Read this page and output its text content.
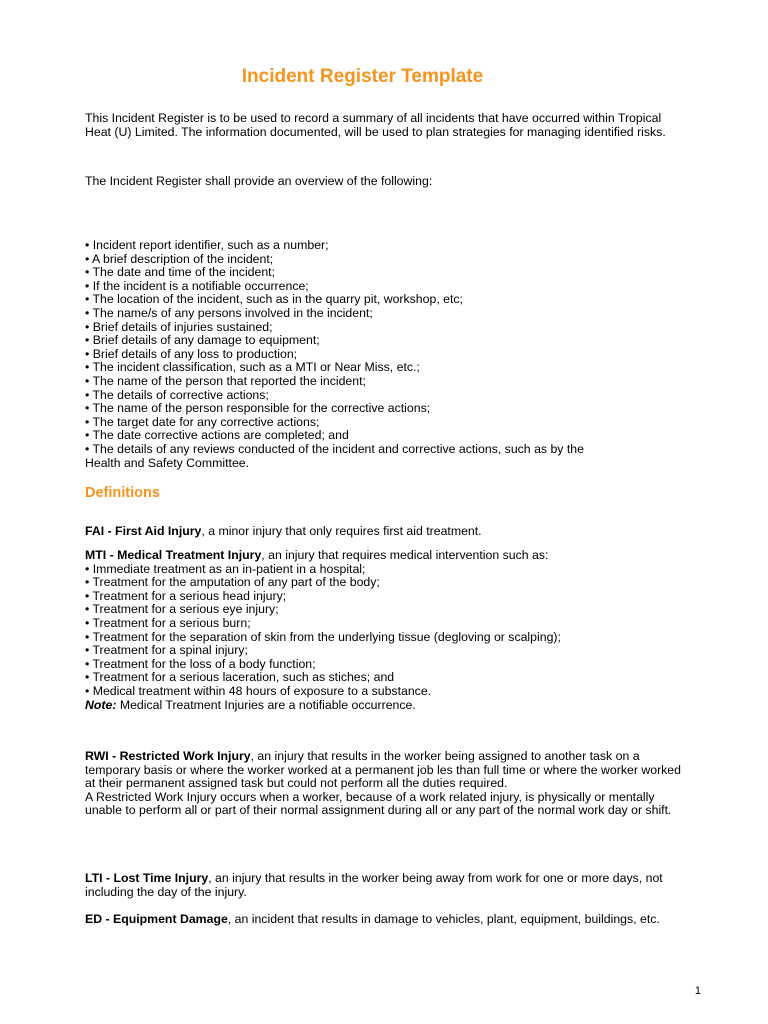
Incident Register Template

This Incident Register is to be used to record a summary of all incidents that have occurred within Tropical Heat (U) Limited. The information documented, will be used to plan strategies for managing identified risks.

The Incident Register shall provide an overview of the following:

• Incident report identifier, such as a number;
• A brief description of the incident;
• The date and time of the incident;
• If the incident is a notifiable occurrence;
• The location of the incident, such as in the quarry pit, workshop, etc;
• The name/s of any persons involved in the incident;
• Brief details of injuries sustained;
• Brief details of any damage to equipment;
• Brief details of any loss to production;
• The incident classification, such as a MTI or Near Miss, etc.;
• The name of the person that reported the incident;
• The details of corrective actions;
• The name of the person responsible for the corrective actions;
• The target date for any corrective actions;
• The date corrective actions are completed; and
• The details of any reviews conducted of the incident and corrective actions, such as by the
Health and Safety Committee.
Definitions

FAI - First Aid Injury, a minor injury that only requires first aid treatment.

MTI - Medical Treatment Injury, an injury that requires medical intervention such as:
• Immediate treatment as an in-patient in a hospital;
• Treatment for the amputation of any part of the body;
• Treatment for a serious head injury;
• Treatment for a serious eye injury;
• Treatment for a serious burn;
• Treatment for the separation of skin from the underlying tissue (degloving or scalping);
• Treatment for a spinal injury;
• Treatment for the loss of a body function;
• Treatment for a serious laceration, such as stiches; and
• Medical treatment within 48 hours of exposure to a substance.
Note: Medical Treatment Injuries are a notifiable occurrence.
RWI - Restricted Work Injury, an injury that results in the worker being assigned to another task on a temporary basis or where the worker worked at a permanent job les than full time or where the worker worked at their permanent assigned task but could not perform all the duties required.
A Restricted Work Injury occurs when a worker, because of a work related injury, is physically or mentally unable to perform all or part of their normal assignment during all or any part of the normal work day or shift.

LTI - Lost Time Injury, an injury that results in the worker being away from work for one or more days, not including the day of the injury.

ED - Equipment Damage, an incident that results in damage to vehicles, plant, equipment, buildings, etc.

1
